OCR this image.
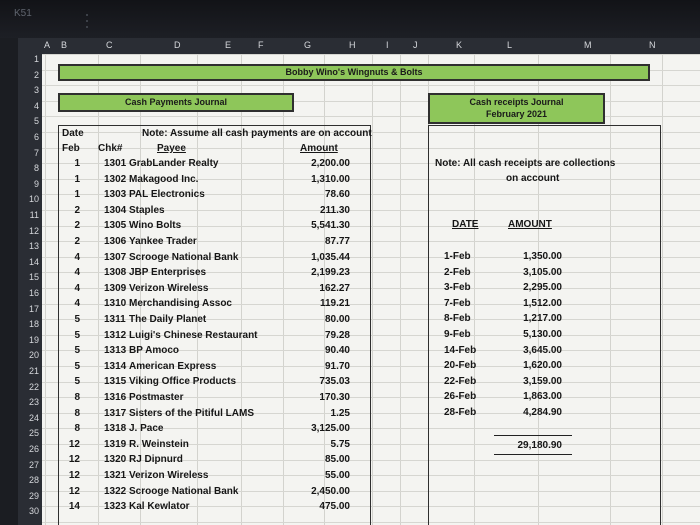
K51
A B	C	D	E	F	G	H	I	J	K	L	M	N
1
2
3
4
5
6
7
8
9
10
11
12
13
14
15
16
17
18
19
20
21
22
23
24
25
26
27
28
29
30
Bobby Wino's Wingnuts & Bolts
Cash Payments Journal	Cash receipts Journal
February 2021
Date	Note: Assume all cash payments are on account
Feb Chk#	Payee	Amount
1 1301 GrabLander Realty	2,200.00
1 1302 Makagood Inc.	1,310.00
1 1303 PAL Electronics	78.60
2 1304 Staples	211.30
2 1305 Wino Bolts	5,541.30
2 1306 Yankee Trader	87.77
4 1307 Scrooge National Bank	1,035.44
4 1308 JBP Enterprises	2,199.23
4 1309 Verizon Wireless	162.27
4 1310 Merchandising Assoc	119.21
5 1311 The Daily Planet	80.00
5 1312 Luigi's Chinese Restaurant	79.28
5 1313 BP Amoco	90.40
5 1314 American Express	91.70
5 1315 Viking Office Products	735.03
8 1316 Postmaster	170.30
8 1317 Sisters of the Pitiful LAMS	1.25
8 1318 J. Pace	3,125.00
12 1319 R. Weinstein	5.75
12 1320 RJ Dipnurd	85.00
12 1321 Verizon Wireless	55.00
12 1322 Scrooge National Bank	2,450.00
14 1323 Kal Kewlator	475.00
Note: All cash receipts are collections
on account
DATE	AMOUNT
1-Feb	1,350.00
2-Feb	3,105.00
3-Feb	2,295.00
7-Feb	1,512.00
8-Feb	1,217.00
9-Feb	5,130.00
14-Feb	3,645.00
20-Feb	1,620.00
22-Feb	3,159.00
26-Feb	1,863.00
28-Feb	4,284.90
29,180.90
